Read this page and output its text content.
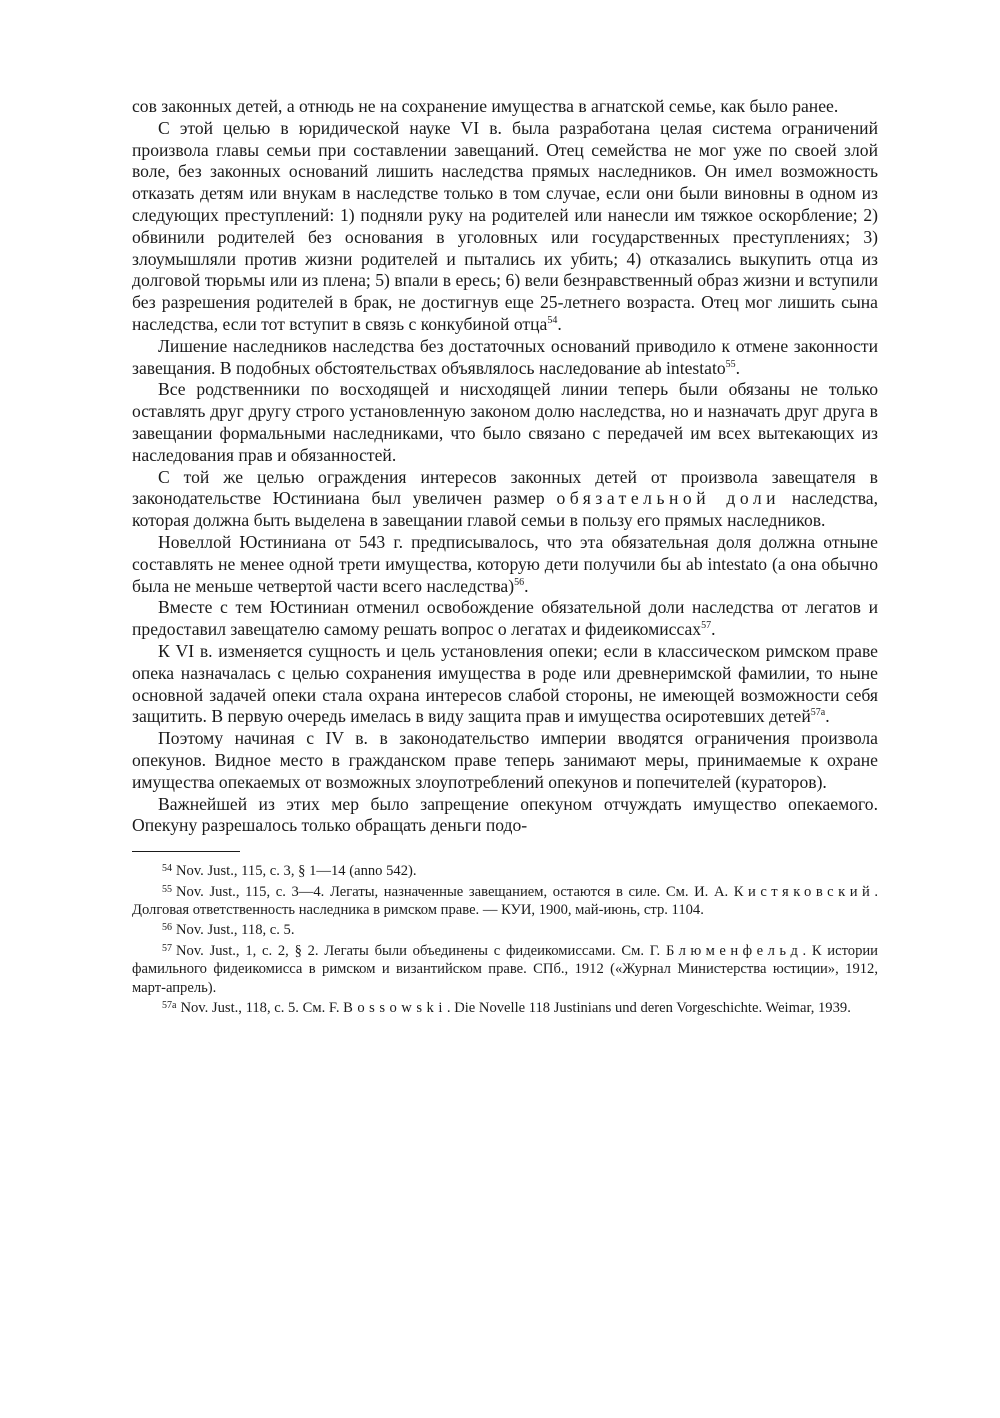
сов законных детей, а отнюдь не на сохранение имущества в агнатской семье, как было ранее.

С этой целью в юридической науке VI в. была разработана целая система ограничений произвола главы семьи при составлении завещаний. Отец семейства не мог уже по своей злой воле, без законных оснований лишить наследства прямых наследников. Он имел возможность отказать детям или внукам в наследстве только в том случае, если они были виновны в одном из следующих преступлений: 1) подняли руку на родителей или нанесли им тяжкое оскорбление; 2) обвинили родителей без основания в уголовных или государственных преступлениях; 3) злоумышляли против жизни родителей и пытались их убить; 4) отказались выкупить отца из долговой тюрьмы или из плена; 5) впали в ересь; 6) вели безнравственный образ жизни и вступили без разрешения родителей в брак, не достигнув еще 25-летнего возраста. Отец мог лишить сына наследства, если тот вступит в связь с конкубиной отца$^{54}$.

Лишение наследников наследства без достаточных оснований приводило к отмене законности завещания. В подобных обстоятельствах объявлялось наследование ab intestato$^{55}$.

Все родственники по восходящей и нисходящей линии теперь были обязаны не только оставлять друг другу строго установленную законом долю наследства, но и назначать друг друга в завещании формальными наследниками, что было связано с передачей им всех вытекающих из наследования прав и обязанностей.

С той же целью ограждения интересов законных детей от произвола завещателя в законодательстве Юстиниана был увеличен размер обязательной доли наследства, которая должна быть выделена в завещании главой семьи в пользу его прямых наследников.

Новеллой Юстиниана от 543 г. предписывалось, что эта обязательная доля должна отныне составлять не менее одной трети имущества, которую дети получили бы ab intestato (а она обычно была не меньше четвертой части всего наследства)$^{56}$.

Вместе с тем Юстиниан отменил освобождение обязательной доли наследства от легатов и предоставил завещателю самому решать вопрос о легатах и фидеикомиссах$^{57}$.

К VI в. изменяется сущность и цель установления опеки; если в классическом римском праве опека назначалась с целью сохранения имущества в роде или древнеримской фамилии, то ныне основной задачей опеки стала охрана интересов слабой стороны, не имеющей возможности себя защитить. В первую очередь имелась в виду защита прав и имущества осиротевших детей$^{57а}$.

Поэтому начиная с IV в. в законодательство империи вводятся ограничения произвола опекунов. Видное место в гражданском праве теперь занимают меры, принимаемые к охране имущества опекаемых от возможных злоупотреблений опекунов и попечителей (кураторов).

Важнейшей из этих мер было запрещение опекуном отчуждать имущество опекаемого. Опекуну разрешалось только обращать деньги подо-

$^{54}$ Nov. Just., 115, с. 3, § 1—14 (anno 542).

$^{55}$ Nov. Just., 115, с. 3—4. Легаты, назначенные завещанием, остаются в силе. См. И. А. Кистяковский. Долговая ответственность наследника в римском праве. — КУИ, 1900, май-июнь, стр. 1104.

$^{56}$ Nov. Just., 118, с. 5.

$^{57}$ Nov. Just., 1, с. 2, § 2. Легаты были объединены с фидеикомиссами. См. Г. Блюменфельд. К истории фамильного фидеикомисса в римском и византийском праве. СПб., 1912 («Журнал Министерства юстиции», 1912, март-апрель).

$^{57а}$ Nov. Just., 118, с. 5. См. F. Bossowski. Die Novelle 118 Justinians und deren Vorgeschichte. Weimar, 1939.
